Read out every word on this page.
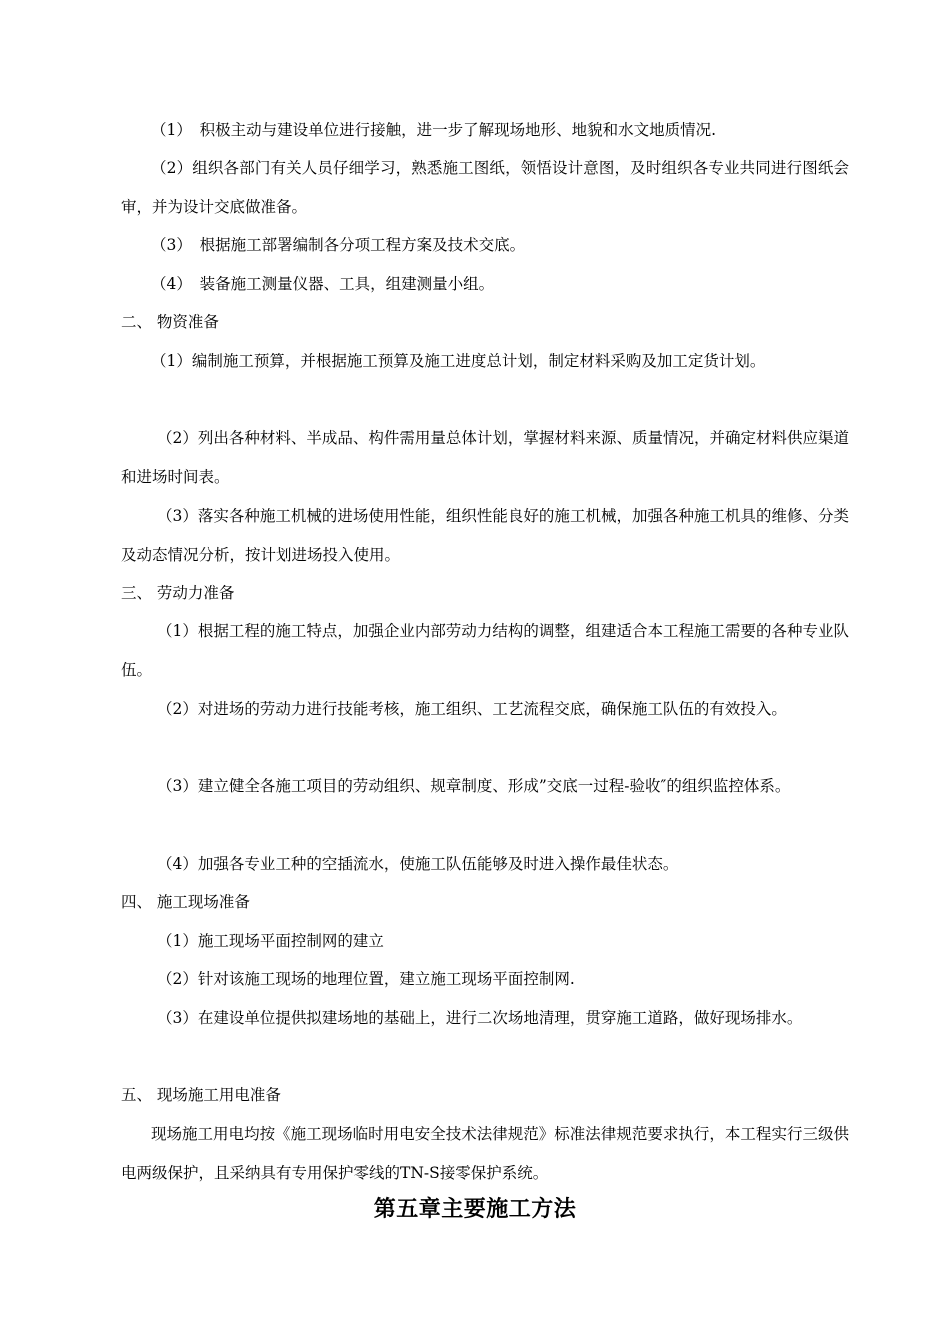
（1）　积极主动与建设单位进行接触，进一步了解现场地形、地貌和水文地质情况.

（2）组织各部门有关人员仔细学习，熟悉施工图纸，领悟设计意图，及时组织各专业共同进行图纸会审，并为设计交底做准备。

（3）　根据施工部署编制各分项工程方案及技术交底。

（4）　装备施工测量仪器、工具，组建测量小组。

二、 物资准备

（1）编制施工预算，并根据施工预算及施工进度总计划，制定材料采购及加工定货计划。

（2）列出各种材料、半成品、构件需用量总体计划，掌握材料来源、质量情况，并确定材料供应渠道和进场时间表。

（3）落实各种施工机械的进场使用性能，组织性能良好的施工机械，加强各种施工机具的维修、分类及动态情况分析，按计划进场投入使用。

三、 劳动力准备

（1）根据工程的施工特点，加强企业内部劳动力结构的调整，组建适合本工程施工需要的各种专业队伍。

（2）对进场的劳动力进行技能考核，施工组织、工艺流程交底，确保施工队伍的有效投入。

（3）建立健全各施工项目的劳动组织、规章制度、形成”交底一过程-验收″的组织监控体系。

（4）加强各专业工种的空插流水，使施工队伍能够及时进入操作最佳状态。

四、 施工现场准备

（1）施工现场平面控制网的建立

（2）针对该施工现场的地理位置，建立施工现场平面控制网.

（3）在建设单位提供拟建场地的基础上，进行二次场地清理，贯穿施工道路，做好现场排水。

五、 现场施工用电准备

现场施工用电均按《施工现场临时用电安全技术法律规范》标准法律规范要求执行，本工程实行三级供电两级保护，且采纳具有专用保护零线的TN-S接零保护系统。

第五章主要施工方法
